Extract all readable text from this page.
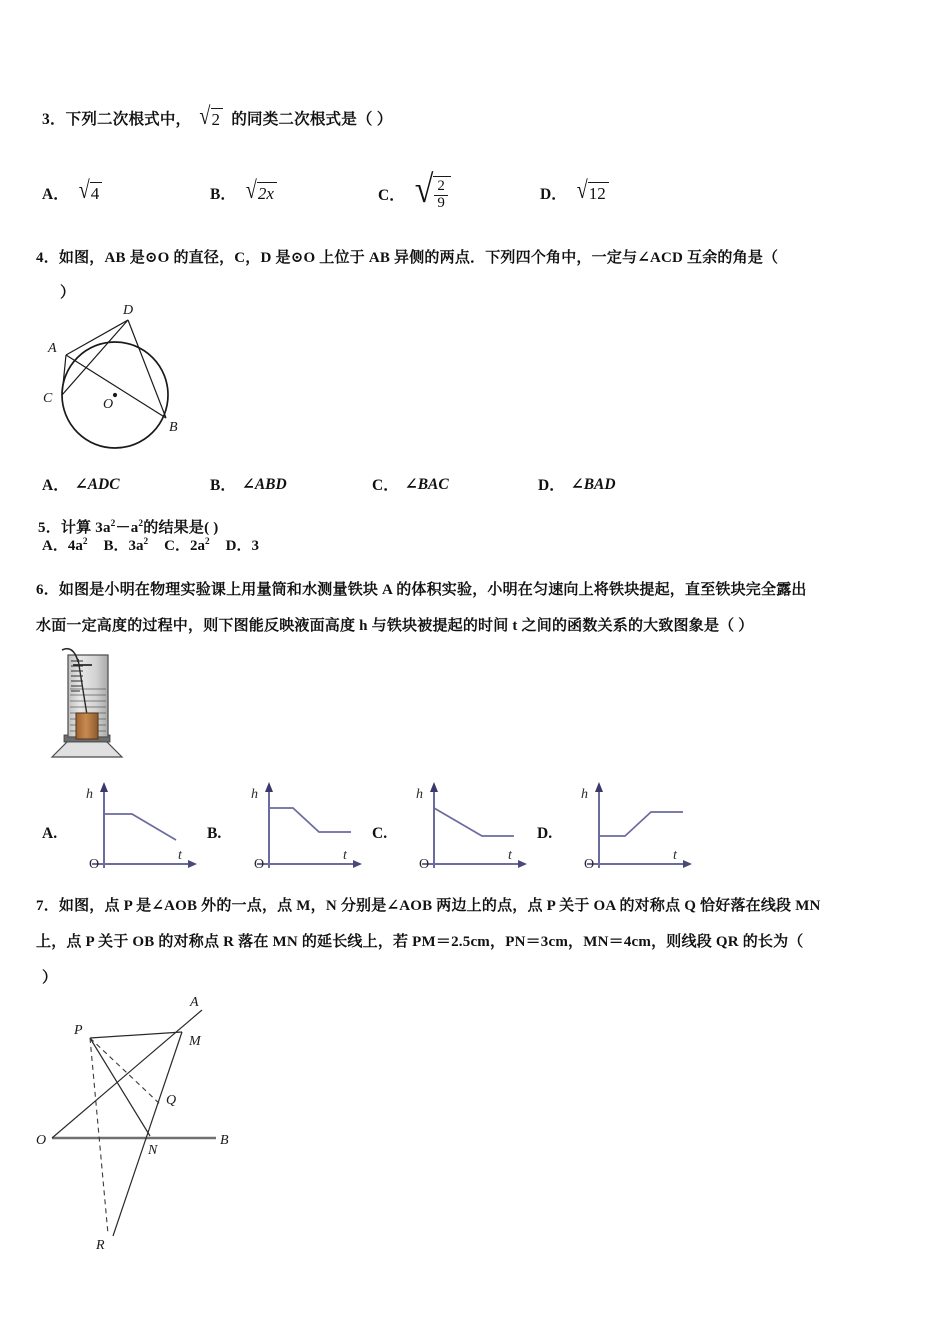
3．下列二次根式中， √ 2 的同类二次根式是（ ）
A． √ 4	B． √ 2x	C． √ $\frac{2}{9}$	D． √ 12
4．如图，AB 是⊙O 的直径，C，D 是⊙O 上位于 AB 异侧的两点．下列四个角中，一定与∠ACD 互余的角是（
）
D
A
C	O
B
A． ∠ADC	B． ∠ABD	C． ∠BAC	D． ∠BAD
5．计算 $3a^2-a^2$的结果是( )
A．$4a^2$ B．$3a^2$ C．$2a^2$ D．3
6．如图是小明在物理实验课上用量筒和水测量铁块 A 的体积实验，小明在匀速向上将铁块提起，直至铁块完全露出
水面一定高度的过程中，则下图能反映液面高度 h 与铁块被提起的时间 t 之间的函数关系的大致图象是（ ）
A.
h
t
O
B.
h
t
O
C.
h
t
O
D.
h
t
O
7．如图，点 P 是∠AOB 外的一点，点 M，N 分别是∠AOB 两边上的点，点 P 关于 OA 的对称点 Q 恰好落在线段 MN
上，点 P 关于 OB 的对称点 R 落在 MN 的延长线上，若 PM＝2.5cm，PN＝3cm，MN＝4cm，则线段 QR 的长为（
）
A
P
M
Q
O
N
B
R
